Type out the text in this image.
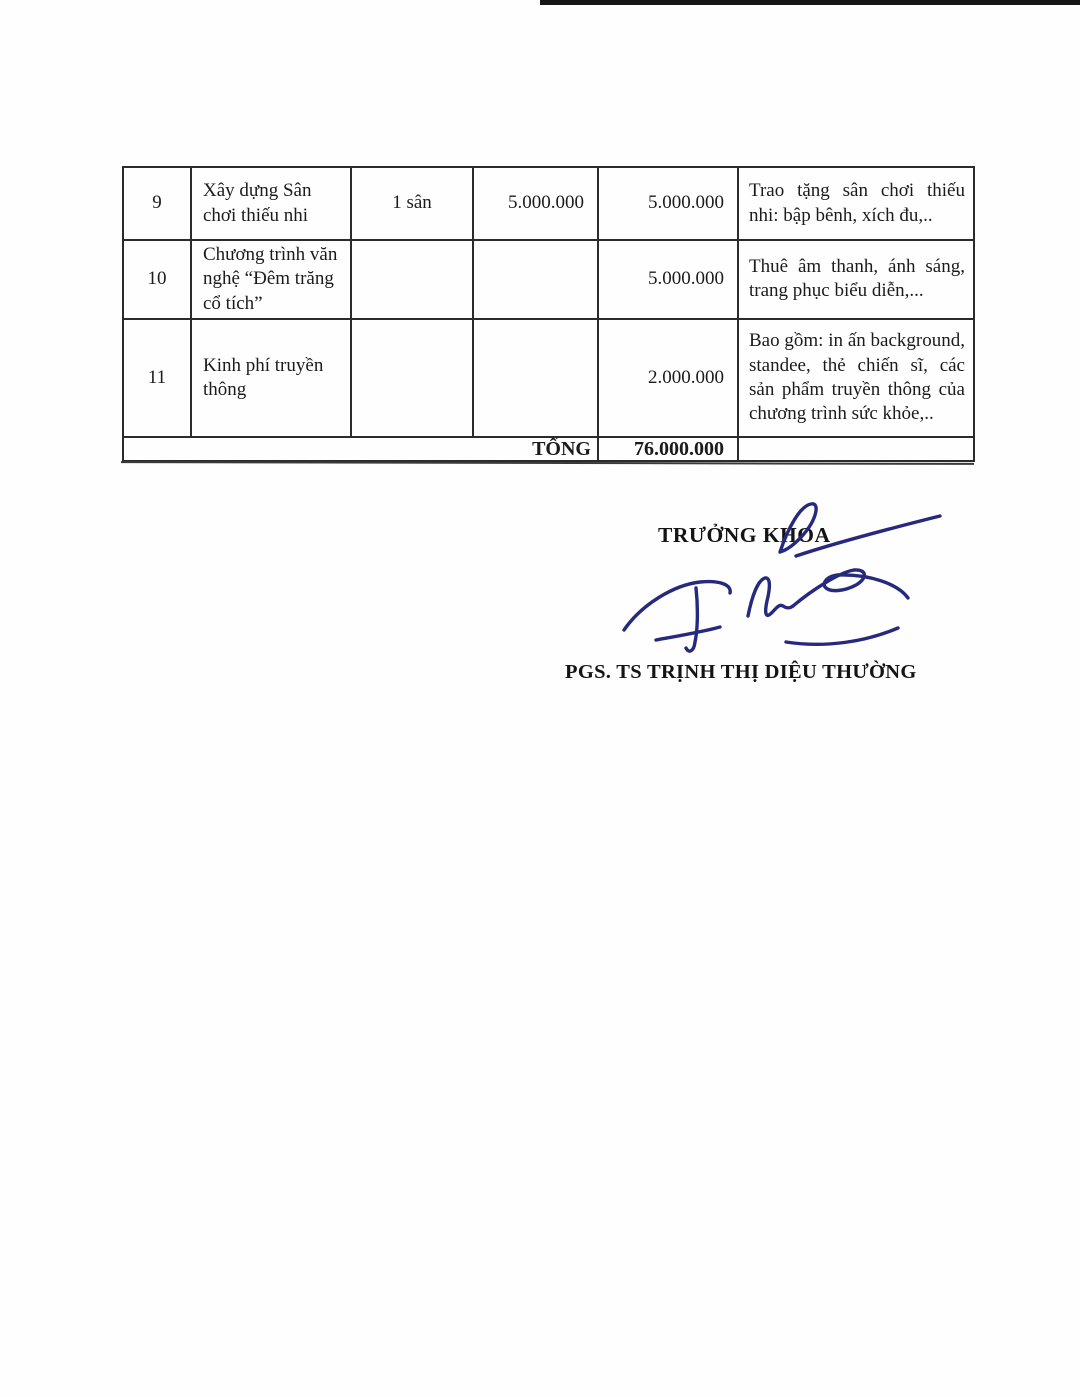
9	Xây dựng Sân chơi thiếu nhi	1 sân	5.000.000	5.000.000	Trao tặng sân chơi thiếu nhi: bập bênh, xích đu,..
10	Chương trình văn nghệ “Đêm trăng cổ tích”			5.000.000	Thuê âm thanh, ánh sáng, trang phục biểu diễn,...
11	Kinh phí truyền thông			2.000.000	Bao gồm: in ấn background, standee, thẻ chiến sĩ, các sản phẩm truyền thông của chương trình sức khỏe,..
TỔNG				76.000.000	
TRƯỞNG KHOA
PGS. TS TRỊNH THỊ DIỆU THƯỜNG
